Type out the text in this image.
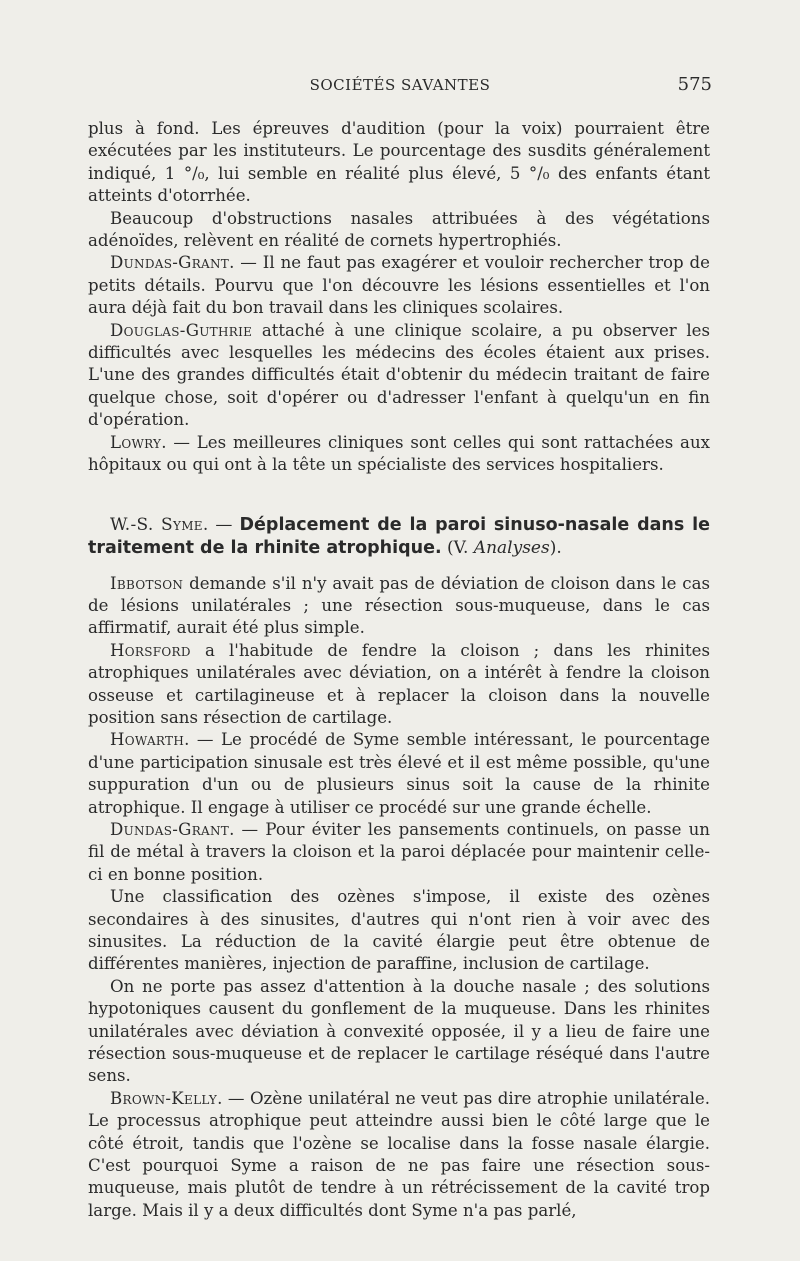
SOCIÉTÉS SAVANTES	575

plus à fond. Les épreuves d'audition (pour la voix) pourraient être exécutées par les instituteurs. Le pourcentage des susdits généralement indiqué, 1 °/₀, lui semble en réalité plus élevé, 5 °/₀ des enfants étant atteints d'otorrhée.

Beaucoup d'obstructions nasales attribuées à des végétations adénoïdes, relèvent en réalité de cornets hypertrophiés.

Dundas-Grant. — Il ne faut pas exagérer et vouloir rechercher trop de petits détails. Pourvu que l'on découvre les lésions essentielles et l'on aura déjà fait du bon travail dans les cliniques scolaires.

Douglas-Guthrie attaché à une clinique scolaire, a pu observer les difficultés avec lesquelles les médecins des écoles étaient aux prises. L'une des grandes difficultés était d'obtenir du médecin traitant de faire quelque chose, soit d'opérer ou d'adresser l'enfant à quelqu'un en fin d'opération.

Lowry. — Les meilleures cliniques sont celles qui sont rattachées aux hôpitaux ou qui ont à la tête un spécialiste des services hospitaliers.

W.-S. Syme. — Déplacement de la paroi sinuso-nasale dans le traitement de la rhinite atrophique. (V. Analyses).

Ibbotson demande s'il n'y avait pas de déviation de cloison dans le cas de lésions unilatérales ; une résection sous-muqueuse, dans le cas affirmatif, aurait été plus simple.

Horsford a l'habitude de fendre la cloison ; dans les rhinites atrophiques unilatérales avec déviation, on a intérêt à fendre la cloison osseuse et cartilagineuse et à replacer la cloison dans la nouvelle position sans résection de cartilage.

Howarth. — Le procédé de Syme semble intéressant, le pourcentage d'une participation sinusale est très élevé et il est même possible, qu'une suppuration d'un ou de plusieurs sinus soit la cause de la rhinite atrophique. Il engage à utiliser ce procédé sur une grande échelle.

Dundas-Grant. — Pour éviter les pansements continuels, on passe un fil de métal à travers la cloison et la paroi déplacée pour maintenir celle-ci en bonne position.

Une classification des ozènes s'impose, il existe des ozènes secondaires à des sinusites, d'autres qui n'ont rien à voir avec des sinusites. La réduction de la cavité élargie peut être obtenue de différentes manières, injection de paraffine, inclusion de cartilage.

On ne porte pas assez d'attention à la douche nasale ; des solutions hypotoniques causent du gonflement de la muqueuse. Dans les rhinites unilatérales avec déviation à convexité opposée, il y a lieu de faire une résection sous-muqueuse et de replacer le cartilage réséqué dans l'autre sens.

Brown-Kelly. — Ozène unilatéral ne veut pas dire atrophie unilatérale. Le processus atrophique peut atteindre aussi bien le côté large que le côté étroit, tandis que l'ozène se localise dans la fosse nasale élargie. C'est pourquoi Syme a raison de ne pas faire une résection sous-muqueuse, mais plutôt de tendre à un rétrécissement de la cavité trop large. Mais il y a deux difficultés dont Syme n'a pas parlé,
